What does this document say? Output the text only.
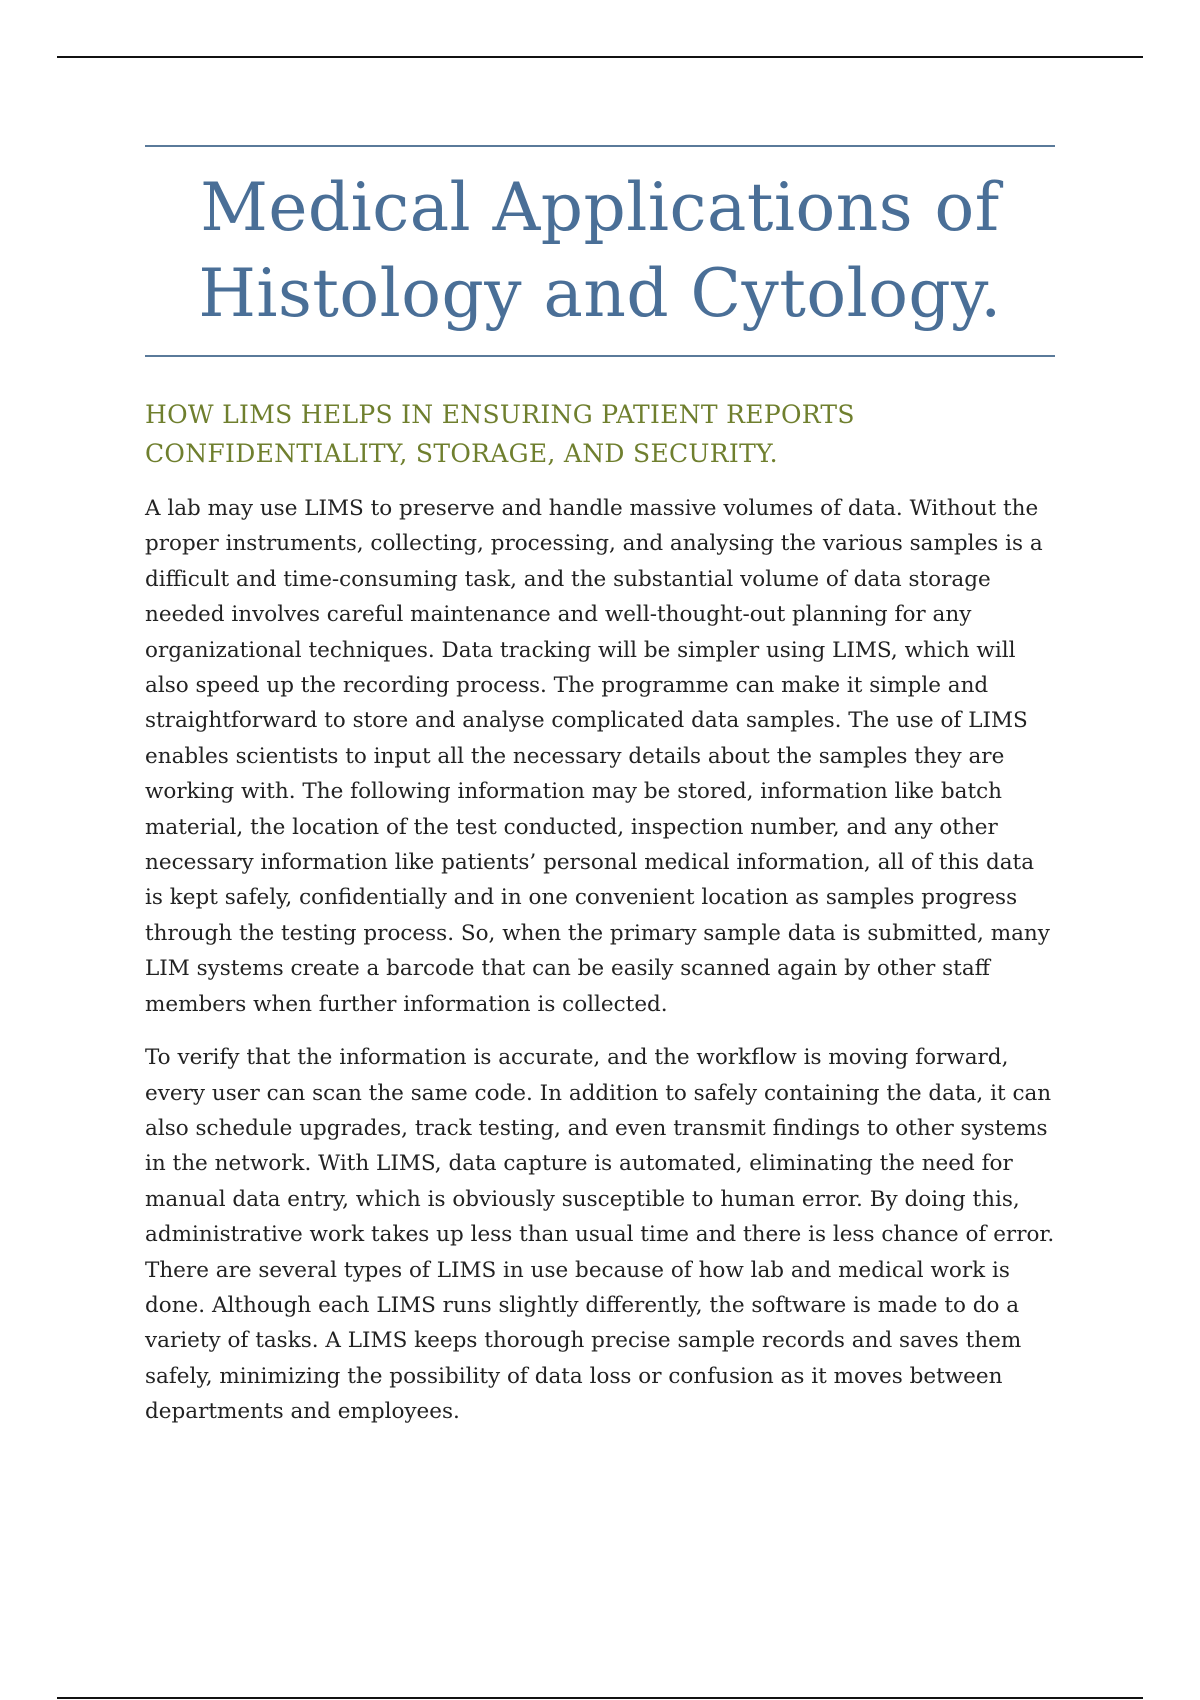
Medical Applications of Histology and Cytology.
HOW LIMS HELPS IN ENSURING PATIENT REPORTS CONFIDENTIALITY, STORAGE, AND SECURITY.

A lab may use LIMS to preserve and handle massive volumes of data. Without the proper instruments, collecting, processing, and analysing the various samples is a difficult and time-consuming task, and the substantial volume of data storage needed involves careful maintenance and well-thought-out planning for any organizational techniques. Data tracking will be simpler using LIMS, which will also speed up the recording process. The programme can make it simple and straightforward to store and analyse complicated data samples. The use of LIMS enables scientists to input all the necessary details about the samples they are working with. The following information may be stored, information like batch material, the location of the test conducted, inspection number, and any other necessary information like patients’ personal medical information, all of this data is kept safely, confidentially and in one convenient location as samples progress through the testing process. So, when the primary sample data is submitted, many LIM systems create a barcode that can be easily scanned again by other staff members when further information is collected.

To verify that the information is accurate, and the workflow is moving forward, every user can scan the same code. In addition to safely containing the data, it can also schedule upgrades, track testing, and even transmit findings to other systems in the network. With LIMS, data capture is automated, eliminating the need for manual data entry, which is obviously susceptible to human error. By doing this, administrative work takes up less than usual time and there is less chance of error. There are several types of LIMS in use because of how lab and medical work is done. Although each LIMS runs slightly differently, the software is made to do a variety of tasks. A LIMS keeps thorough precise sample records and saves them safely, minimizing the possibility of data loss or confusion as it moves between departments and employees.
